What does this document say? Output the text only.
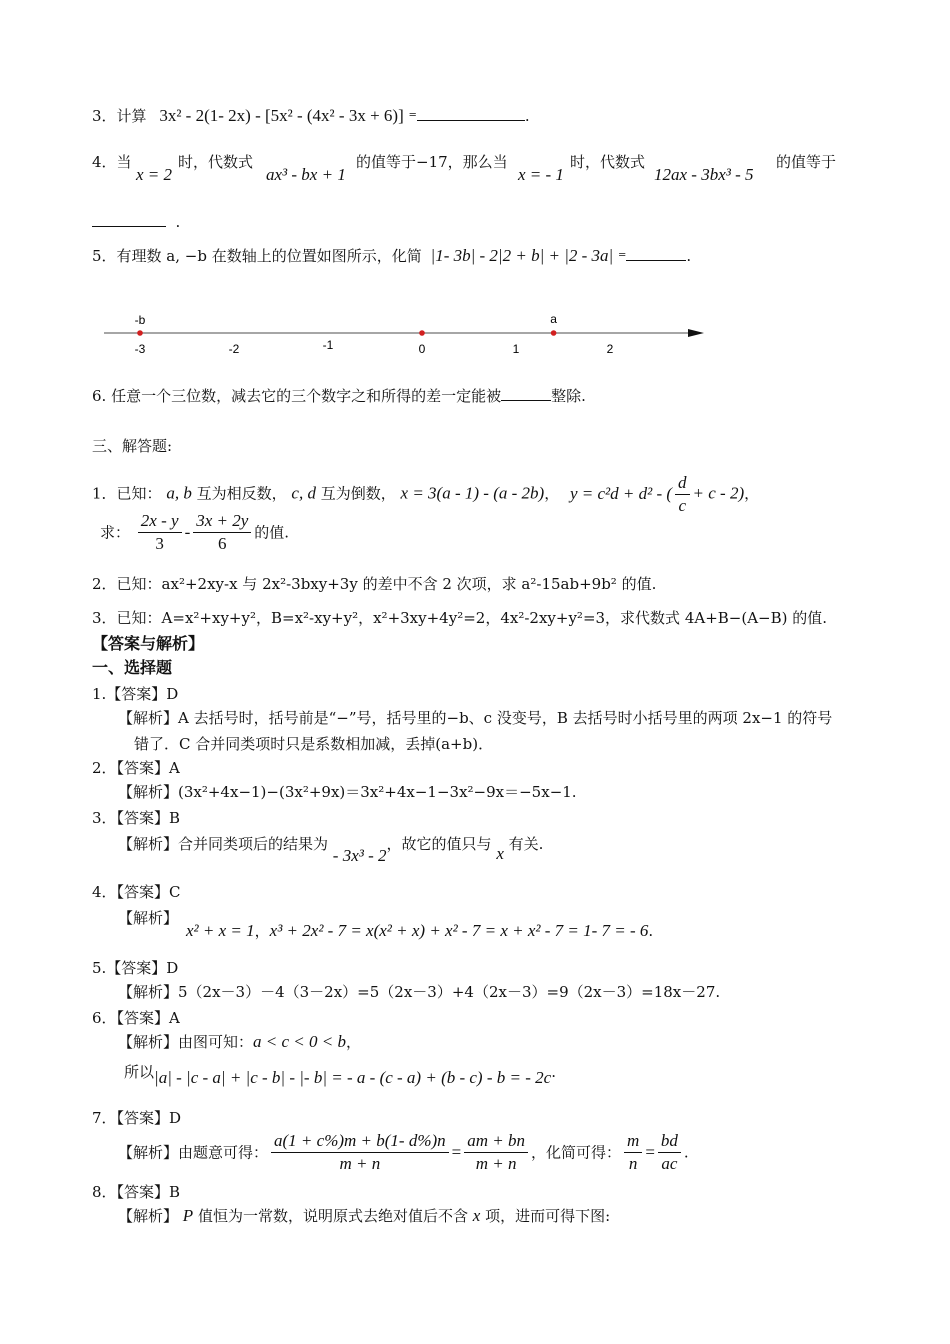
3．计算 3x² - 2(1- 2x) - [5x² - (4x² - 3x + 6)] =	.
4．当
x = 2
时，代数式
ax³ - bx + 1
的值等于−17，那么当
x = - 1
时，代数式
12ax - 3bx³ - 5
的值等于
.
5．有理数 a, −b 在数轴上的位置如图所示，化简 |1- 3b| - 2|2 + b| + |2 - 3a| =	.
-3	-2	-1	0	1	2
-b	a
6. 任意一个三位数，减去它的三个数字之和所得的差一定能被	整除.
三、解答题:
1．已知： a, b 互为相反数， c, d 互为倒数， x = 3(a - 1) - (a - 2b)， y = c²d + d² - ( $\frac{d}{c} + c - 2$)，
求： $\frac{2x - y}{3} - \frac{3x + 2y}{6}$ 的值.
2．已知：ax²+2xy-x 与 2x²-3bxy+3y 的差中不含 2 次项，求 a²-15ab+9b² 的值.
3．已知：A=x²+xy+y²，B=x²-xy+y²，x²+3xy+4y²=2，4x²-2xy+y²=3，求代数式 4A+B−(A−B) 的值.
【答案与解析】
一、选择题
1.【答案】D
【解析】A 去括号时，括号前是“−”号，括号里的−b、c 没变号，B 去括号时小括号里的两项 2x−1 的符号
错了．C 合并同类项时只是系数相加减，丢掉(a+b)．
2．【答案】A
【解析】(3x²+4x−1)−(3x²+9x)＝3x²+4x−1−3x²−9x＝−5x−1.
3．【答案】B
【解析】合并同类项后的结果为 - 3x³ - 2，故它的值只与 x 有关.
4．【答案】C
【解析】
x² + x = 1，x³ + 2x² - 7 = x(x² + x) + x² - 7 = x + x² - 7 = 1- 7 = - 6.
5.【答案】D
【解析】5（2x－3）－4（3－2x）=5（2x－3）+4（2x－3）=9（2x－3）=18x－27.
6．【答案】A
【解析】由图可知：a < c < 0 < b，
所以|a| - |c - a| + |c - b| - |- b| = - a - (c - a) + (b - c) - b = - 2c.
7．【答案】D
【解析】由题意可得： $\frac{a(1 + c\%)m + b(1- d\%)n}{m + n} = \frac{am + bn}{m + n}$ ，化简可得： $\frac{m}{n} = \frac{bd}{ac}$ .
8．【答案】B
【解析】 P 值恒为一常数，说明原式去绝对值后不含 x 项，进而可得下图:
